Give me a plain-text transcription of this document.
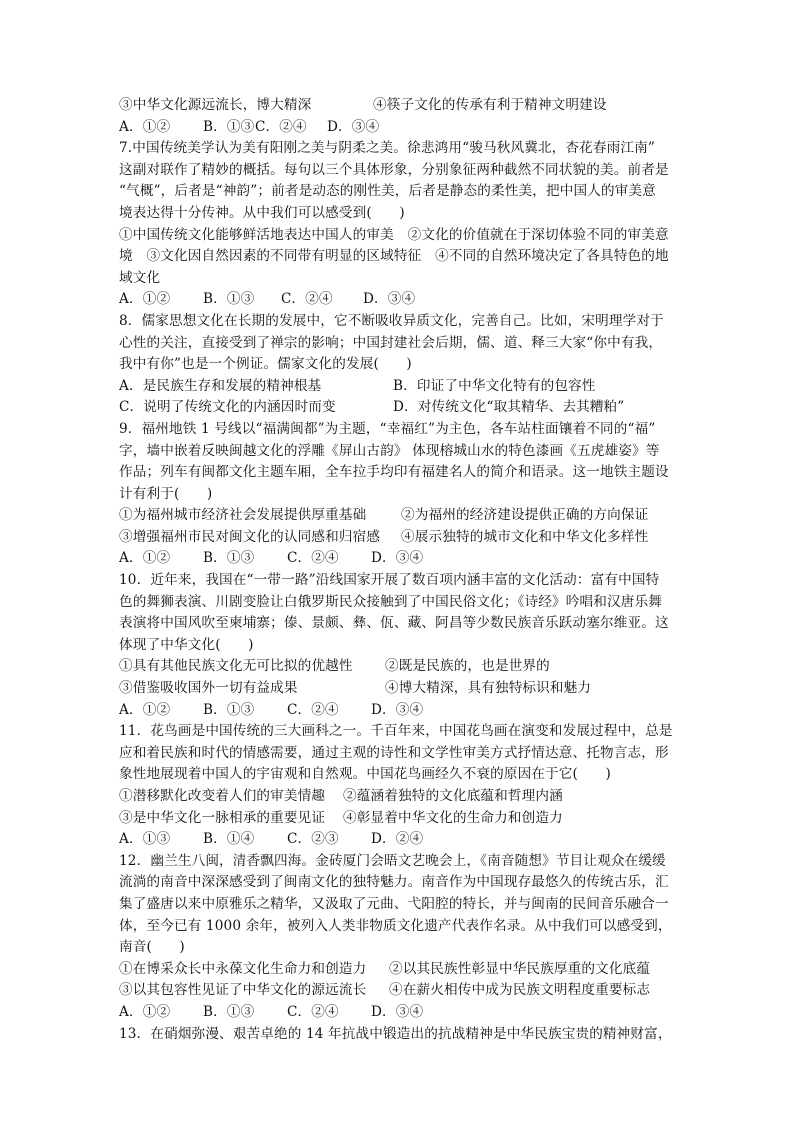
③中华文化源远流长，博大精深	④筷子文化的传承有利于精神文明建设
A．①②	B．①③ C．②④	D．③④
7.中国传统美学认为美有阳刚之美与阴柔之美。徐悲鸿用“骏马秋风冀北，杏花春雨江南”
这副对联作了精妙的概括。每句以三个具体形象，分别象征两种截然不同状貌的美。前者是
“气概”，后者是“神韵”；前者是动态的刚性美，后者是静态的柔性美，把中国人的审美意
境表达得十分传神。从中我们可以感受到(　　)
①中国传统文化能够鲜活地表达中国人的审美　②文化的价值就在于深切体验不同的审美意
境　③文化因自然因素的不同带有明显的区域特征　④不同的自然环境决定了各具特色的地
域文化
A．①②	B．①③	C．②④	D．③④
8．儒家思想文化在长期的发展中，它不断吸收异质文化，完善自己。比如，宋明理学对于
心性的关注，直接受到了禅宗的影响；中国封建社会后期，儒、道、释三大家“你中有我，
我中有你”也是一个例证。儒家文化的发展(　　)
A．是民族生存和发展的精神根基	B．印证了中华文化特有的包容性
C．说明了传统文化的内涵因时而变	D．对传统文化“取其精华、去其糟粕”
9．福州地铁 1 号线以“福满闽都”为主题，“幸福红”为主色，各车站柱面镶着不同的“福”
字，墙中嵌着反映闽越文化的浮雕《屏山古韵》 体现榕城山水的特色漆画《五虎雄姿》等
作品；列车有闽都文化主题车厢，全车拉手均印有福建名人的简介和语录。这一地铁主题设
计有利于(　　)
①为福州城市经济社会发展提供厚重基础	②为福州的经济建设提供正确的方向保证
③增强福州市民对闽文化的认同感和归宿感	④展示独特的城市文化和中华文化多样性
A．①②	B．①③	C．②④	D．③④
10．近年来，我国在“一带一路”沿线国家开展了数百项内涵丰富的文化活动：富有中国特
色的舞狮表演、川剧变脸让白俄罗斯民众接触到了中国民俗文化；《诗经》吟唱和汉唐乐舞
表演将中国风吹至柬埔寨；傣、景颇、彝、佤、藏、阿昌等少数民族音乐跃动塞尔维亚。这
体现了中华文化(　　)
①具有其他民族文化无可比拟的优越性	②既是民族的，也是世界的
③借鉴吸收国外一切有益成果	④博大精深，具有独特标识和魅力
A．①②	B．①③	C．②④	D．③④
11．花鸟画是中国传统的三大画科之一。千百年来，中国花鸟画在演变和发展过程中，总是
应和着民族和时代的情感需要，通过主观的诗性和文学性审美方式抒情达意、托物言志，形
象性地展现着中国人的宇宙观和自然观。中国花鸟画经久不衰的原因在于它(　　)
①潜移默化改变着人们的审美情趣	②蕴涵着独特的文化底蕴和哲理内涵
③是中华文化一脉相承的重要见证	④彰显着中华文化的生命力和创造力
A．①③	B．①④	C．②③	D．②④
12．幽兰生八闽，清香飘四海。金砖厦门会晤文艺晚会上，《南音随想》节目让观众在缓缓
流淌的南音中深深感受到了闽南文化的独特魅力。南音作为中国现存最悠久的传统古乐，汇
集了盛唐以来中原雅乐之精华，又汲取了元曲、弋阳腔的特长，并与闽南的民间音乐融合一
体，至今已有 1000 余年，被列入人类非物质文化遗产代表作名录。从中我们可以感受到，
南音(　　)
①在博采众长中永葆文化生命力和创造力	②以其民族性彰显中华民族厚重的文化底蕴
③以其包容性见证了中华文化的源远流长	④在薪火相传中成为民族文明程度重要标志
A．①②	B．①③	C．②④	D．③④
13．在硝烟弥漫、艰苦卓绝的 14 年抗战中锻造出的抗战精神是中华民族宝贵的精神财富，
